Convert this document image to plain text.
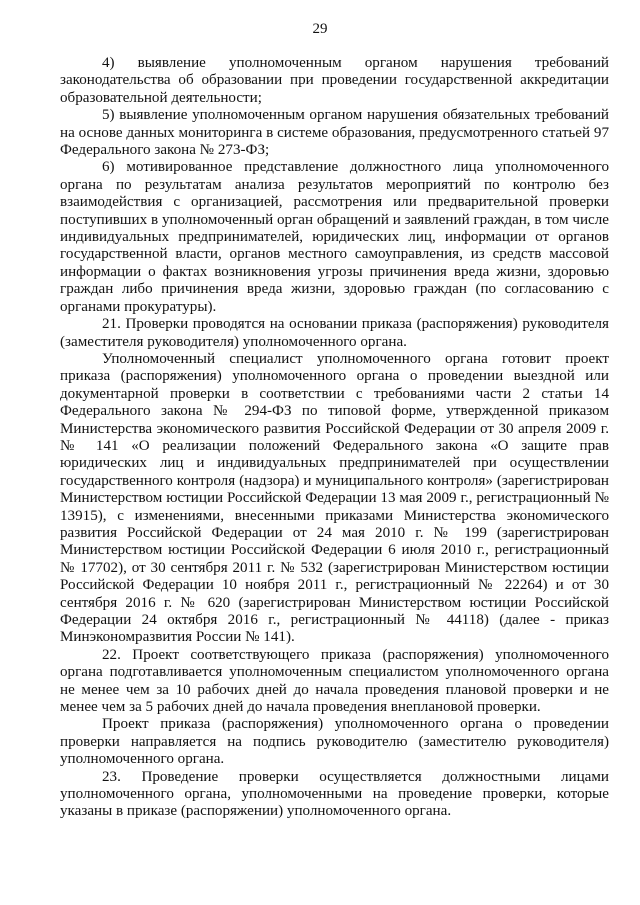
29

4) выявление уполномоченным органом нарушения требований законодательства об образовании при проведении государственной аккредитации образовательной деятельности;

5) выявление уполномоченным органом нарушения обязательных требований на основе данных мониторинга в системе образования, предусмотренного статьей 97 Федерального закона № 273-ФЗ;

6) мотивированное представление должностного лица уполномоченного органа по результатам анализа результатов мероприятий по контролю без взаимодействия с организацией, рассмотрения или предварительной проверки поступивших в уполномоченный орган обращений и заявлений граждан, в том числе индивидуальных предпринимателей, юридических лиц, информации от органов государственной власти, органов местного самоуправления, из средств массовой информации о фактах возникновения угрозы причинения вреда жизни, здоровью граждан либо причинения вреда жизни, здоровью граждан (по согласованию с органами прокуратуры).

21. Проверки проводятся на основании приказа (распоряжения) руководителя (заместителя руководителя) уполномоченного органа.

Уполномоченный специалист уполномоченного органа готовит проект приказа (распоряжения) уполномоченного органа о проведении выездной или документарной проверки в соответствии с требованиями части 2 статьи 14 Федерального закона № 294-ФЗ по типовой форме, утвержденной приказом Министерства экономического развития Российской Федерации от 30 апреля 2009 г. № 141 «О реализации положений Федерального закона «О защите прав юридических лиц и индивидуальных предпринимателей при осуществлении государственного контроля (надзора) и муниципального контроля» (зарегистрирован Министерством юстиции Российской Федерации 13 мая 2009 г., регистрационный № 13915), с изменениями, внесенными приказами Министерства экономического развития Российской Федерации от 24 мая 2010 г. № 199 (зарегистрирован Министерством юстиции Российской Федерации 6 июля 2010 г., регистрационный № 17702), от 30 сентября 2011 г. № 532 (зарегистрирован Министерством юстиции Российской Федерации 10 ноября 2011 г., регистрационный № 22264) и от 30 сентября 2016 г. № 620 (зарегистрирован Министерством юстиции Российской Федерации 24 октября 2016 г., регистрационный № 44118) (далее - приказ Минэкономразвития России № 141).

22. Проект соответствующего приказа (распоряжения) уполномоченного органа подготавливается уполномоченным специалистом уполномоченного органа не менее чем за 10 рабочих дней до начала проведения плановой проверки и не менее чем за 5 рабочих дней до начала проведения внеплановой проверки.

Проект приказа (распоряжения) уполномоченного органа о проведении проверки направляется на подпись руководителю (заместителю руководителя) уполномоченного органа.

23. Проведение проверки осуществляется должностными лицами уполномоченного органа, уполномоченными на проведение проверки, которые указаны в приказе (распоряжении) уполномоченного органа.
